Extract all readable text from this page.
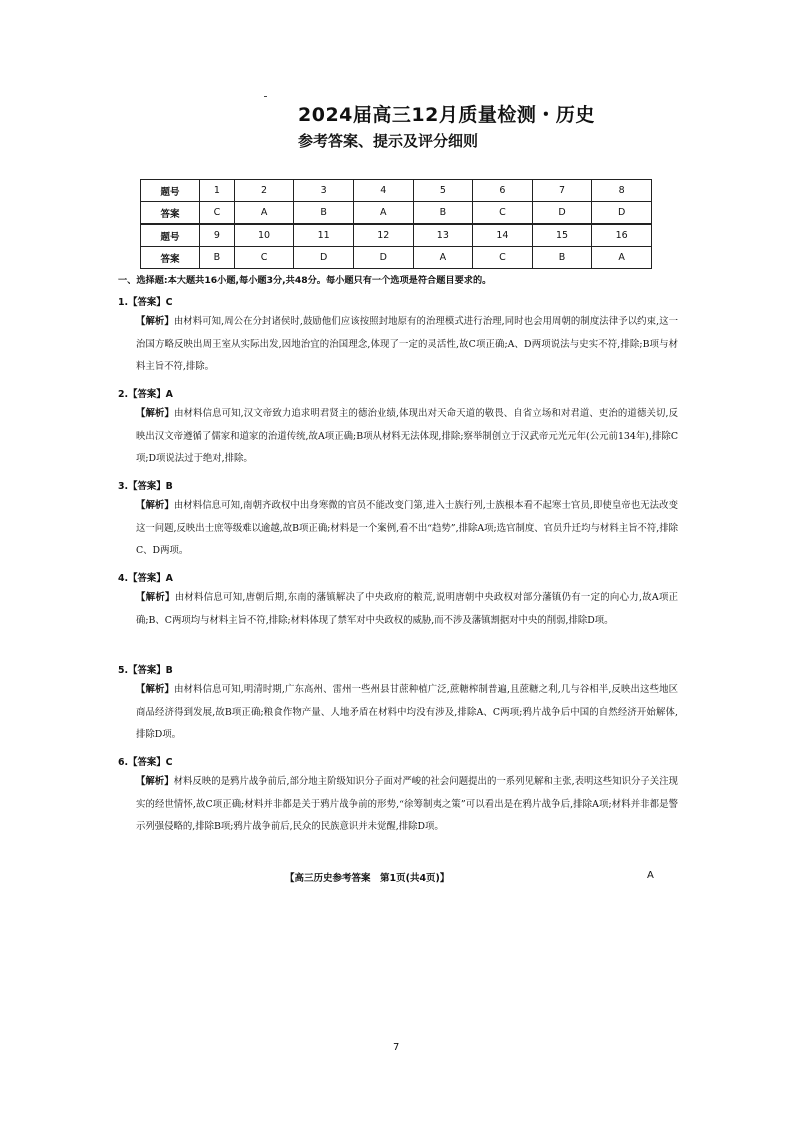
2024届高三12月质量检测・历史
参考答案、提示及评分细则
题号	1	2	3	4	5	6	7	8
答案	C	A	B	A	B	C	D	D
题号	9	10	11	12	13	14	15	16
答案	B	C	D	D	A	C	B	A
一、选择题:本大题共16小题,每小题3分,共48分。每小题只有一个选项是符合题目要求的。
1.【答案】C
【解析】由材料可知,周公在分封诸侯时,鼓励他们应该按照封地原有的治理模式进行治理,同时也会用周朝的制度法律予以约束,这一治国方略反映出周王室从实际出发,因地治宜的治国理念,体现了一定的灵活性,故C项正确;A、D两项说法与史实不符,排除;B项与材料主旨不符,排除。
2.【答案】A
【解析】由材料信息可知,汉文帝致力追求明君贤主的德治业绩,体现出对天命天道的敬畏、自省立场和对君道、吏治的道德关切,反映出汉文帝遵循了儒家和道家的治道传统,故A项正确;B项从材料无法体现,排除;察举制创立于汉武帝元光元年(公元前134年),排除C项;D项说法过于绝对,排除。
3.【答案】B
【解析】由材料信息可知,南朝齐政权中出身寒微的官员不能改变门第,进入士族行列,士族根本看不起寒士官员,即使皇帝也无法改变这一问题,反映出士庶等级难以逾越,故B项正确;材料是一个案例,看不出“趋势”,排除A项;选官制度、官员升迁均与材料主旨不符,排除C、D两项。
4.【答案】A
【解析】由材料信息可知,唐朝后期,东南的藩镇解决了中央政府的粮荒,说明唐朝中央政权对部分藩镇仍有一定的向心力,故A项正确;B、C两项均与材料主旨不符,排除;材料体现了禁军对中央政权的威胁,而不涉及藩镇割据对中央的削弱,排除D项。
5.【答案】B
【解析】由材料信息可知,明清时期,广东高州、雷州一些州县甘蔗种植广泛,蔗糖榨制普遍,且蔗糖之利,几与谷相半,反映出这些地区商品经济得到发展,故B项正确;粮食作物产量、人地矛盾在材料中均没有涉及,排除A、C两项;鸦片战争后中国的自然经济开始解体,排除D项。
6.【答案】C
【解析】材料反映的是鸦片战争前后,部分地主阶级知识分子面对严峻的社会问题提出的一系列见解和主张,表明这些知识分子关注现实的经世情怀,故C项正确;材料并非都是关于鸦片战争前的形势,“徐筹制夷之策”可以看出是在鸦片战争后,排除A项;材料并非都是警示列强侵略的,排除B项;鸦片战争前后,民众的民族意识并未觉醒,排除D项。
【高三历史参考答案　第1页(共4页)】	A
7
